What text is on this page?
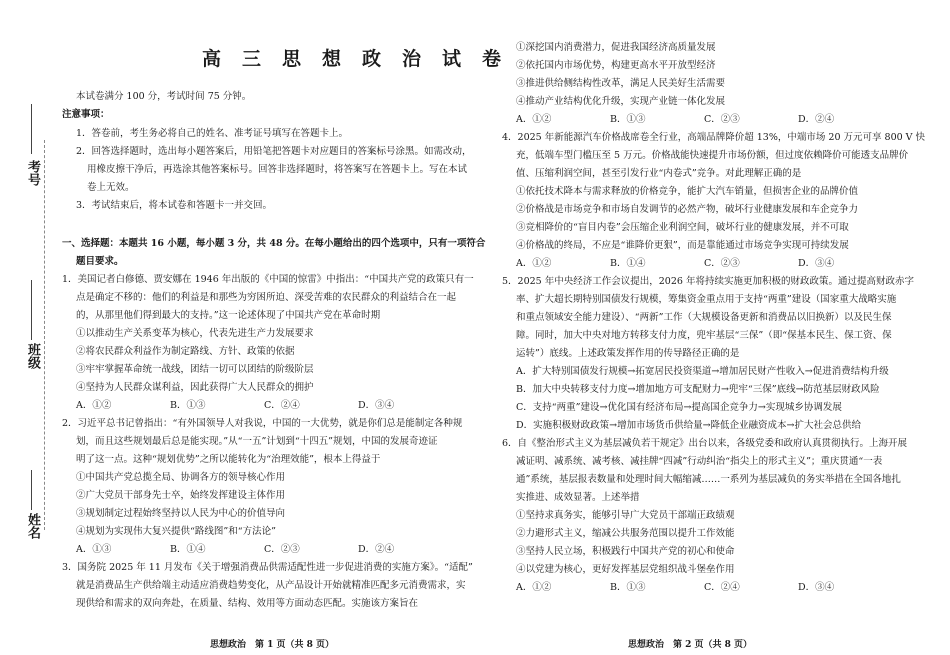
考号
班级
姓名
高三思想政治试卷
本试卷满分 100 分，考试时间 75 分钟。
注意事项：
1．答卷前，考生务必将自己的姓名、准考证号填写在答题卡上。
2．回答选择题时，选出每小题答案后，用铅笔把答题卡对应题目的答案标号涂黑。如需改动，
用橡皮擦干净后，再选涂其他答案标号。回答非选择题时，将答案写在答题卡上。写在本试
卷上无效。
3．考试结束后，将本试卷和答题卡一并交回。
一、选择题：本题共 16 小题，每小题 3 分，共 48 分。在每小题给出的四个选项中，只有一项符合
题目要求。
1．美国记者白修德、贾安娜在 1946 年出版的《中国的惊雷》中指出：“中国共产党的政策只有一
点是确定不移的：他们的利益是和那些为穷困所迫、深受苦难的农民群众的利益结合在一起
的，从那里他们得到最大的支持。”这一论述体现了中国共产党在革命时期
①以推动生产关系变革为核心，代表先进生产力发展要求
②将农民群众利益作为制定路线、方针、政策的依据
③牢牢掌握革命统一战线，团结一切可以团结的阶级阶层
④坚持为人民群众谋利益，因此获得广大人民群众的拥护
A．①②	B．①③	C．②④	D．③④
2．习近平总书记曾指出：“有外国领导人对我说，中国的一大优势，就是你们总是能制定各种规
划，而且这些规划最后总是能实现。”从“一五”计划到“十四五”规划，中国的发展奇迹证
明了这一点。这种“规划优势”之所以能转化为“治理效能”，根本上得益于
①中国共产党总揽全局、协调各方的领导核心作用
②广大党员干部身先士卒，始终发挥建设主体作用
③规划制定过程始终坚持以人民为中心的价值导向
④规划为实现伟大复兴提供“路线图”和“方法论”
A．①③	B．①④	C．②③	D．②④
3．国务院 2025 年 11 月发布《关于增强消费品供需适配性进一步促进消费的实施方案》。“适配”
就是消费品生产供给端主动适应消费趋势变化，从产品设计开始就精准匹配多元消费需求，实
现供给和需求的双向奔赴，在质量、结构、效用等方面动态匹配。实施该方案旨在
思想政治　第 1 页（共 8 页）
①深挖国内消费潜力，促进我国经济高质量发展
②依托国内市场优势，构建更高水平开放型经济
③推进供给侧结构性改革，满足人民美好生活需要
④推动产业结构优化升级，实现产业链一体化发展
A．①②	B．①③	C．②③	D．②④
4．2025 年新能源汽车价格战席卷全行业，高端品牌降价超 13%，中端市场 20 万元可享 800 V 快
充，低端车型门槛压至 5 万元。价格战能快速提升市场份额，但过度依赖降价可能透支品牌价
值、压缩利润空间，甚至引发行业“内卷式”竞争。对此理解正确的是
①依托技术降本与需求释放的价格竞争，能扩大汽车销量，但损害企业的品牌价值
②价格战是市场竞争和市场自发调节的必然产物，破坏行业健康发展和车企竞争力
③竞相降价的“盲目内卷”会压缩企业利润空间，破坏行业的健康发展，并不可取
④价格战的终局，不应是“谁降价更狠”，而是靠能通过市场竞争实现可持续发展
A．①②	B．①④	C．②③	D．③④
5．2025 年中央经济工作会议提出，2026 年将持续实施更加积极的财政政策。通过提高财政赤字
率、扩大超长期特别国债发行规模，筹集资金重点用于支持“两重”建设（国家重大战略实施
和重点领域安全能力建设）、“两新”工作（大规模设备更新和消费品以旧换新）以及民生保
障。同时，加大中央对地方转移支付力度，兜牢基层“三保”（即“保基本民生、保工资、保
运转”）底线。上述政策发挥作用的传导路径正确的是
A．扩大特别国债发行规模→拓宽居民投资渠道→增加居民财产性收入→促进消费结构升级
B．加大中央转移支付力度→增加地方可支配财力→兜牢“三保”底线→防范基层财政风险
C．支持“两重”建设→优化国有经济布局→提高国企竞争力→实现城乡协调发展
D．实施积极财政政策→增加市场货币供给量→降低企业融资成本→扩大社会总供给
6．自《整治形式主义为基层减负若干规定》出台以来，各级党委和政府认真贯彻执行。上海开展
减证明、减系统、减考核、减挂牌“四减”行动纠治“指尖上的形式主义”；重庆贯通“一表
通”系统，基层报表数量和处理时间大幅缩减……一系列为基层减负的务实举措在全国各地扎
实推进、成效显著。上述举措
①坚持求真务实，能够引导广大党员干部端正政绩观
②力避形式主义，缩减公共服务范围以提升工作效能
③坚持人民立场，积极践行中国共产党的初心和使命
④以党建为核心，更好发挥基层党组织战斗堡垒作用
A．①②	B．①③	C．②④	D．③④
思想政治　第 2 页（共 8 页）
